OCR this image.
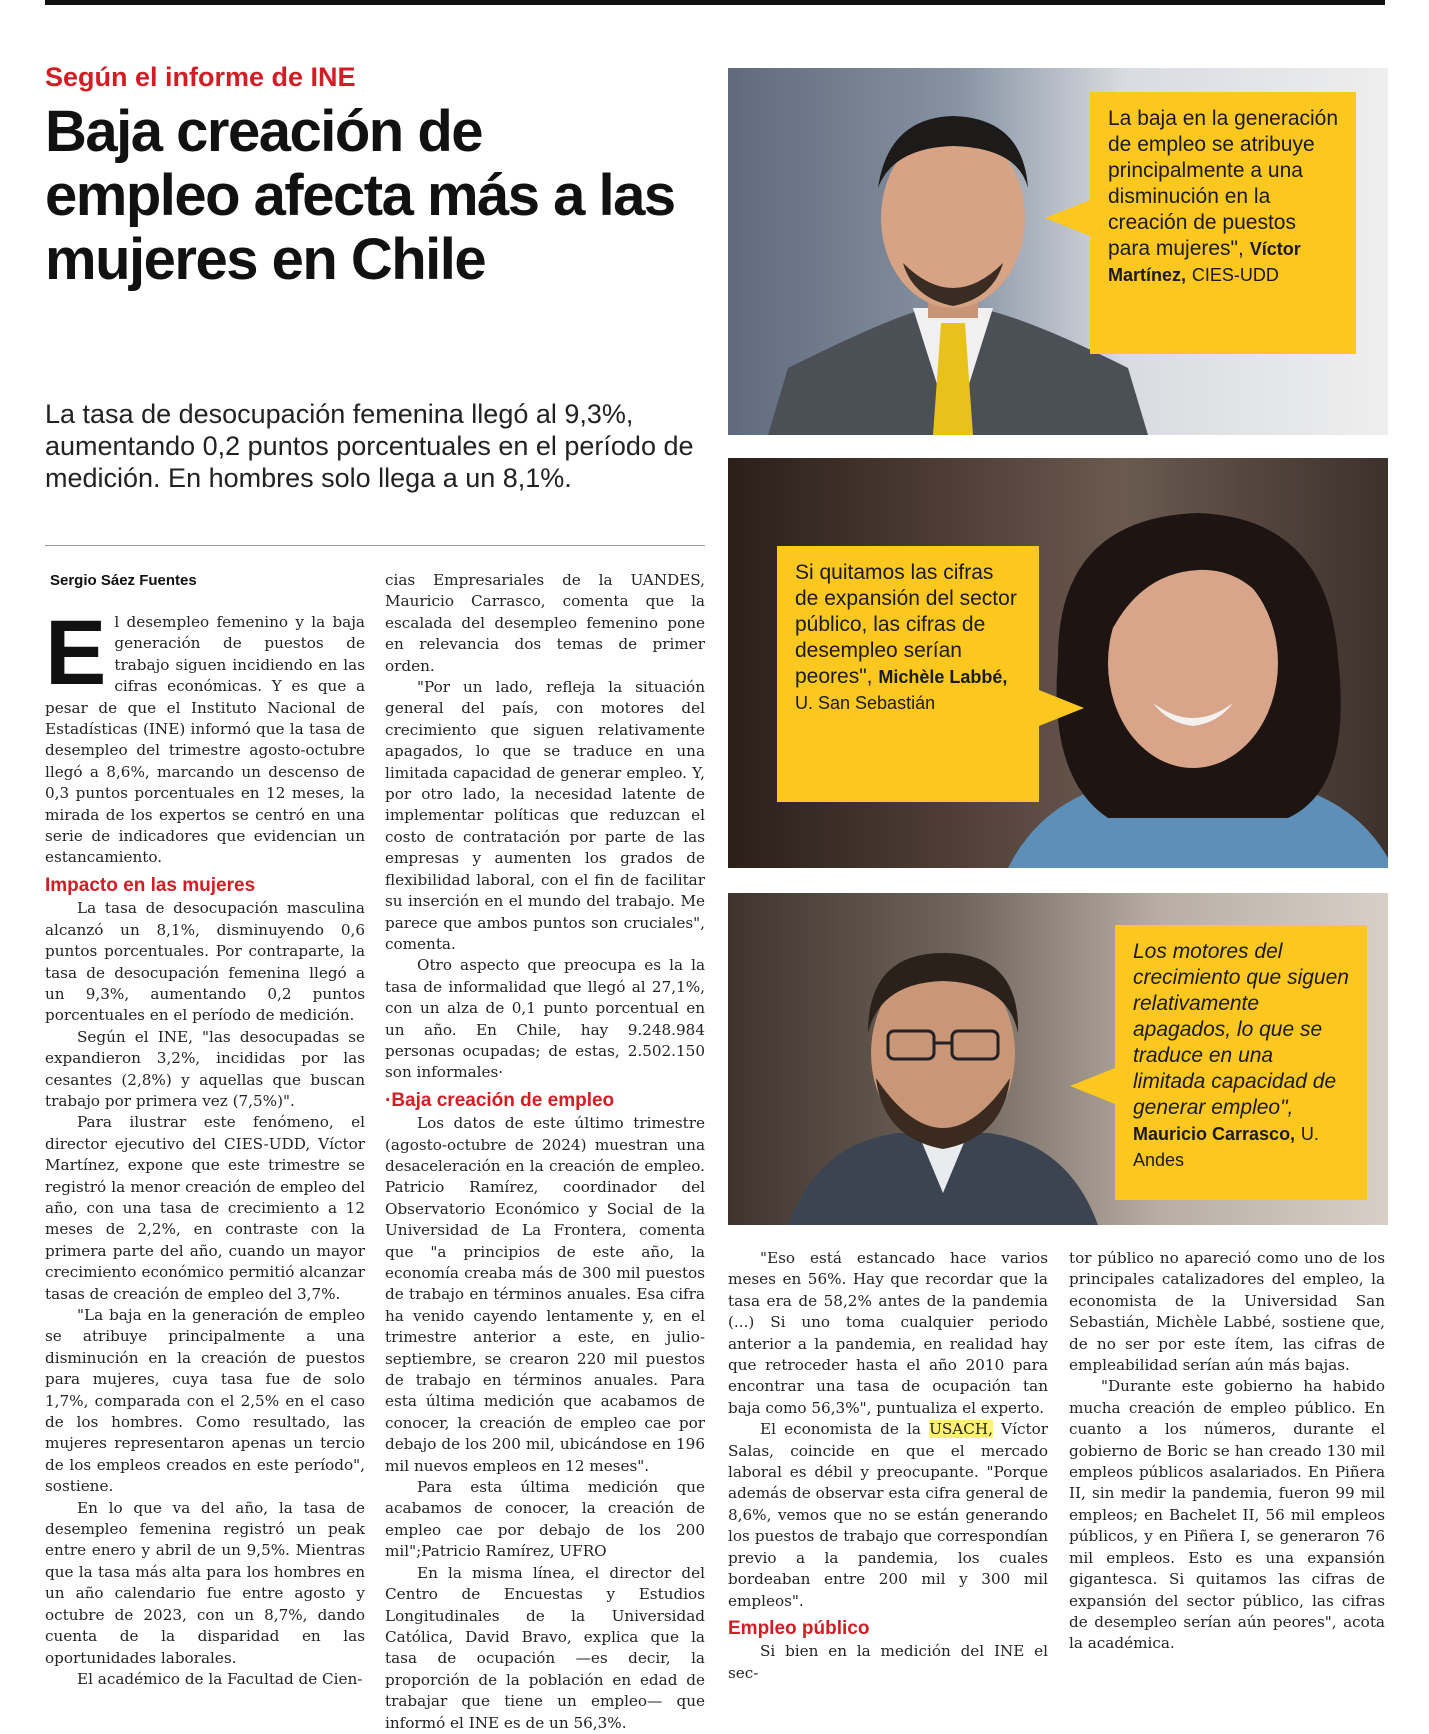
Según el informe de INE
Baja creación de empleo afecta más a las mujeres en Chile
La tasa de desocupación femenina llegó al 9,3%, aumentando 0,2 puntos porcentuales en el período de medición. En hombres solo llega a un 8,1%.
Sergio Sáez Fuentes
E l desempleo femenino y la baja generación de puestos de trabajo siguen incidiendo en las cifras económicas. Y es que a pesar de que el Instituto Nacional de Estadísticas (INE) informó que la tasa de desempleo del trimestre agosto-octubre llegó a 8,6%, marcando un descenso de 0,3 puntos porcentuales en 12 meses, la mirada de los expertos se centró en una serie de indicadores que evidencian un estancamiento.

Impacto en las mujeres

La tasa de desocupación masculina alcanzó un 8,1%, disminuyendo 0,6 puntos porcentuales. Por contraparte, la tasa de desocupación femenina llegó a un 9,3%, aumentando 0,2 puntos porcentuales en el período de medición.

Según el INE, "las desocupadas se expandieron 3,2%, incididas por las cesantes (2,8%) y aquellas que buscan trabajo por primera vez (7,5%)".

Para ilustrar este fenómeno, el director ejecutivo del CIES-UDD, Víctor Martínez, expone que este trimestre se registró la menor creación de empleo del año, con una tasa de crecimiento a 12 meses de 2,2%, en contraste con la primera parte del año, cuando un mayor crecimiento económico permitió alcanzar tasas de creación de empleo del 3,7%.

"La baja en la generación de empleo se atribuye principalmente a una disminución en la creación de puestos para mujeres, cuya tasa fue de solo 1,7%, comparada con el 2,5% en el caso de los hombres. Como resultado, las mujeres representaron apenas un tercio de los empleos creados en este período", sostiene.

En lo que va del año, la tasa de desempleo femenina registró un peak entre enero y abril de un 9,5%. Mientras que la tasa más alta para los hombres en un año calendario fue entre agosto y octubre de 2023, con un 8,7%, dando cuenta de la disparidad en las oportunidades laborales.

El académico de la Facultad de Cien-

cias Empresariales de la UANDES, Mauricio Carrasco, comenta que la escalada del desempleo femenino pone en relevancia dos temas de primer orden.

"Por un lado, refleja la situación general del país, con motores del crecimiento que siguen relativamente apagados, lo que se traduce en una limitada capacidad de generar empleo. Y, por otro lado, la necesidad latente de implementar políticas que reduzcan el costo de contratación por parte de las empresas y aumenten los grados de flexibilidad laboral, con el fin de facilitar su inserción en el mundo del trabajo. Me parece que ambos puntos son cruciales", comenta.

Otro aspecto que preocupa es la la tasa de informalidad que llegó al 27,1%, con un alza de 0,1 punto porcentual en un año. En Chile, hay 9.248.984 personas ocupadas; de estas, 2.502.150 son informales·

·Baja creación de empleo

Los datos de este último trimestre (agosto-octubre de 2024) muestran una desaceleración en la creación de empleo. Patricio Ramírez, coordinador del Observatorio Económico y Social de la Universidad de La Frontera, comenta que "a principios de este año, la economía creaba más de 300 mil puestos de trabajo en términos anuales. Esa cifra ha venido cayendo lentamente y, en el trimestre anterior a este, en julio-septiembre, se crearon 220 mil puestos de trabajo en términos anuales. Para esta última medición que acabamos de conocer, la creación de empleo cae por debajo de los 200 mil, ubicándose en 196 mil nuevos empleos en 12 meses".

Para esta última medición que acabamos de conocer, la creación de empleo cae por debajo de los 200 mil";Patricio Ramírez, UFRO

En la misma línea, el director del Centro de Encuestas y Estudios Longitudinales de la Universidad Católica, David Bravo, explica que la tasa de ocupación —es decir, la proporción de la población en edad de trabajar que tiene un empleo— que informó el INE es de un 56,3%.

La baja en la generación de empleo se atribuye principalmente a una disminución en la creación de puestos para mujeres", Víctor Martínez, CIES-UDD
Si quitamos las cifras de expansión del sector público, las cifras de desempleo serían peores", Michèle Labbé, U. San Sebastián
Los motores del crecimiento que siguen relativamente apagados, lo que se traduce en una limitada capacidad de generar empleo", Mauricio Carrasco, U. Andes

"Eso está estancado hace varios meses en 56%. Hay que recordar que la tasa era de 58,2% antes de la pandemia (...) Si uno toma cualquier periodo anterior a la pandemia, en realidad hay que retroceder hasta el año 2010 para encontrar una tasa de ocupación tan baja como 56,3%", puntualiza el experto.

El economista de la USACH, Víctor Salas, coincide en que el mercado laboral es débil y preocupante. "Porque además de observar esta cifra general de 8,6%, vemos que no se están generando los puestos de trabajo que correspondían previo a la pandemia, los cuales bordeaban entre 200 mil y 300 mil empleos".

Empleo público

Si bien en la medición del INE el sec-

tor público no apareció como uno de los principales catalizadores del empleo, la economista de la Universidad San Sebastián, Michèle Labbé, sostiene que, de no ser por este ítem, las cifras de empleabilidad serían aún más bajas.

"Durante este gobierno ha habido mucha creación de empleo público. En cuanto a los números, durante el gobierno de Boric se han creado 130 mil empleos públicos asalariados. En Piñera II, sin medir la pandemia, fueron 99 mil empleos; en Bachelet II, 56 mil empleos públicos, y en Piñera I, se generaron 76 mil empleos. Esto es una expansión gigantesca. Si quitamos las cifras de expansión del sector público, las cifras de desempleo serían aún peores", acota la académica.
